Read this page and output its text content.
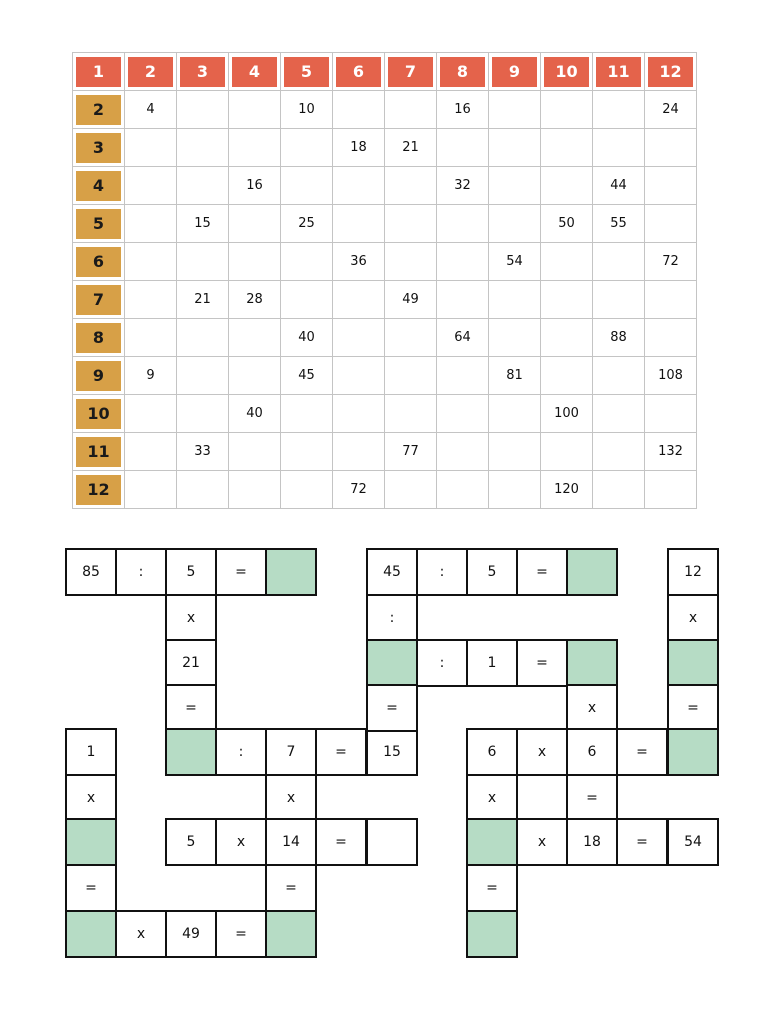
1	2	3	4	5	6	7	8	9	10	11	12

2	4			10			16				24

3					18	21					

4			16				32			44	

5		15		25					50	55	

6					36			54			72

7		21	28			49					

8				40			64			88	

9	9			45				81			108

10			40						100		

11		33				77					132

12					72				120		
85	:	5	=
x
21
=
:	7	=	15
1
x
=
x	49	=
x
5	x	14	=
=
45	:	5	=
:
:	1	=
=	x
12
x
=
6	x	6	=
x	=
x	18	=	54
=
